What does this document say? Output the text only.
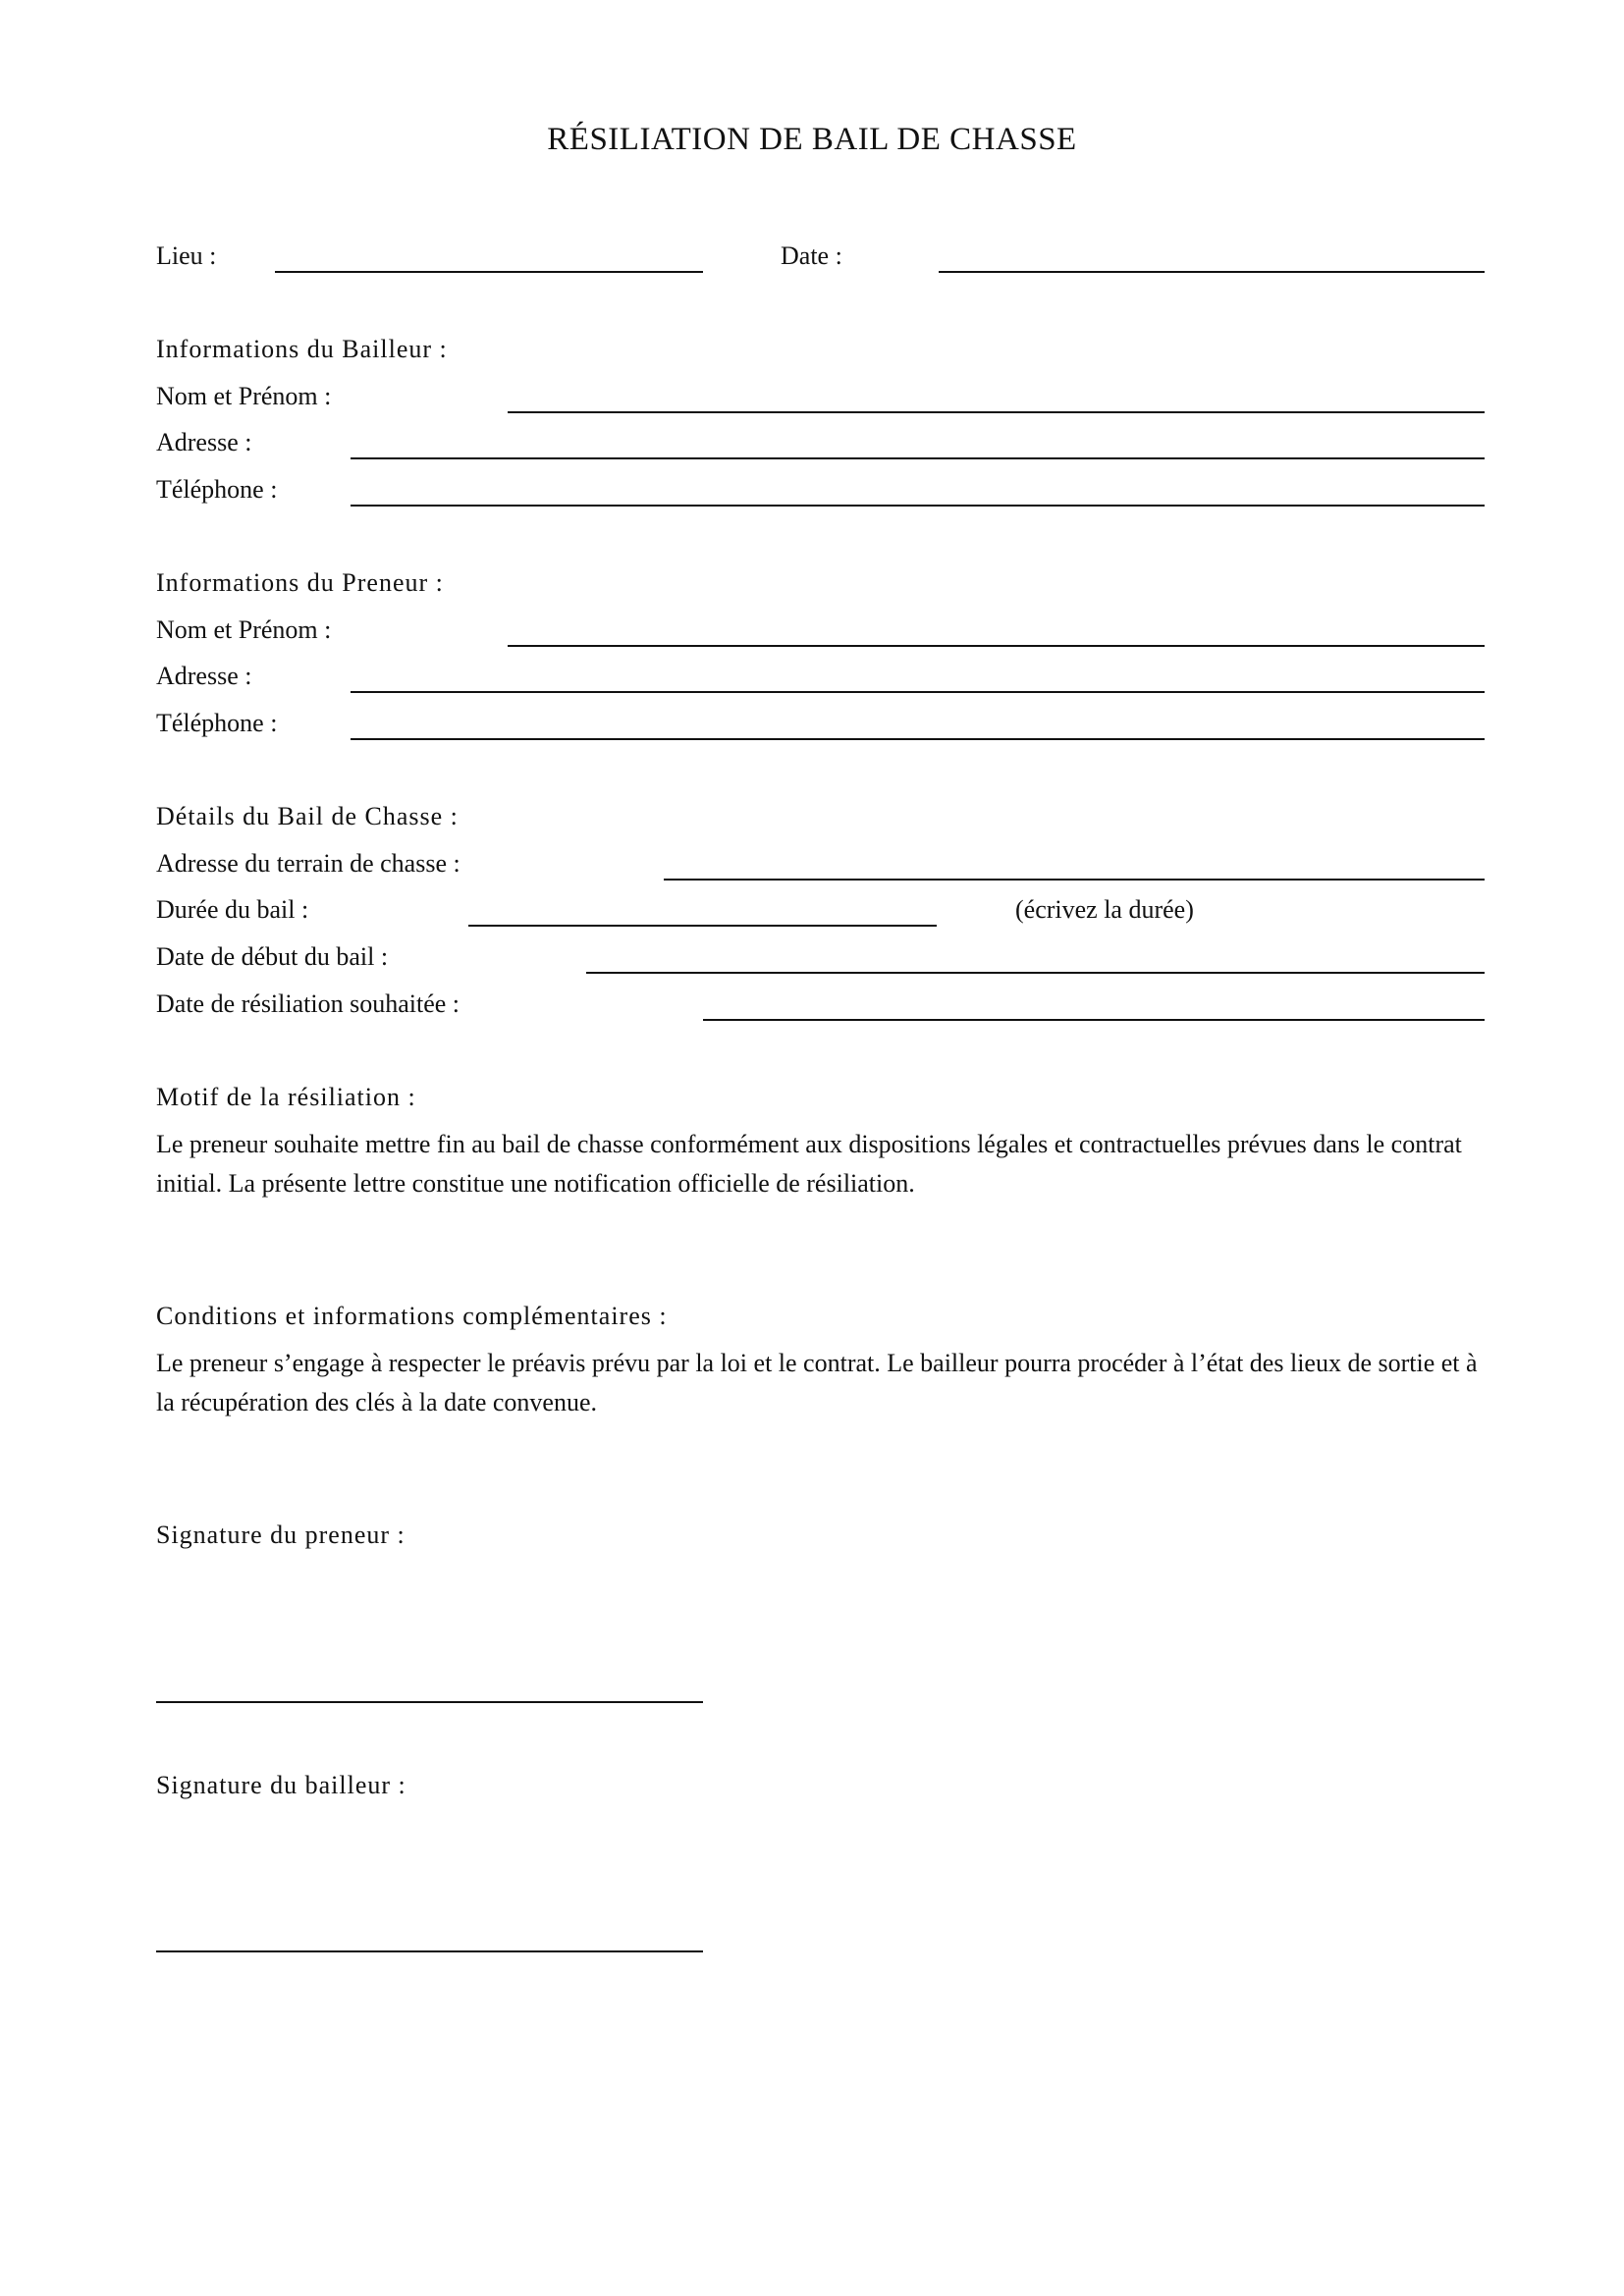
RÉSILIATION DE BAIL DE CHASSE
Lieu :	Date :
Informations du Bailleur :
Nom et Prénom :
Adresse :
Téléphone :
Informations du Preneur :
Nom et Prénom :
Adresse :
Téléphone :
Détails du Bail de Chasse :
Adresse du terrain de chasse :
Durée du bail :	(écrivez la durée)
Date de début du bail :
Date de résiliation souhaitée :
Motif de la résiliation :
Le preneur souhaite mettre fin au bail de chasse conformément aux dispositions légales et contractuelles prévues dans le contrat initial. La présente lettre constitue une notification officielle de résiliation.
Conditions et informations complémentaires :
Le preneur s’engage à respecter le préavis prévu par la loi et le contrat. Le bailleur pourra procéder à l’état des lieux de sortie et à la récupération des clés à la date convenue.
Signature du preneur :
Signature du bailleur :
